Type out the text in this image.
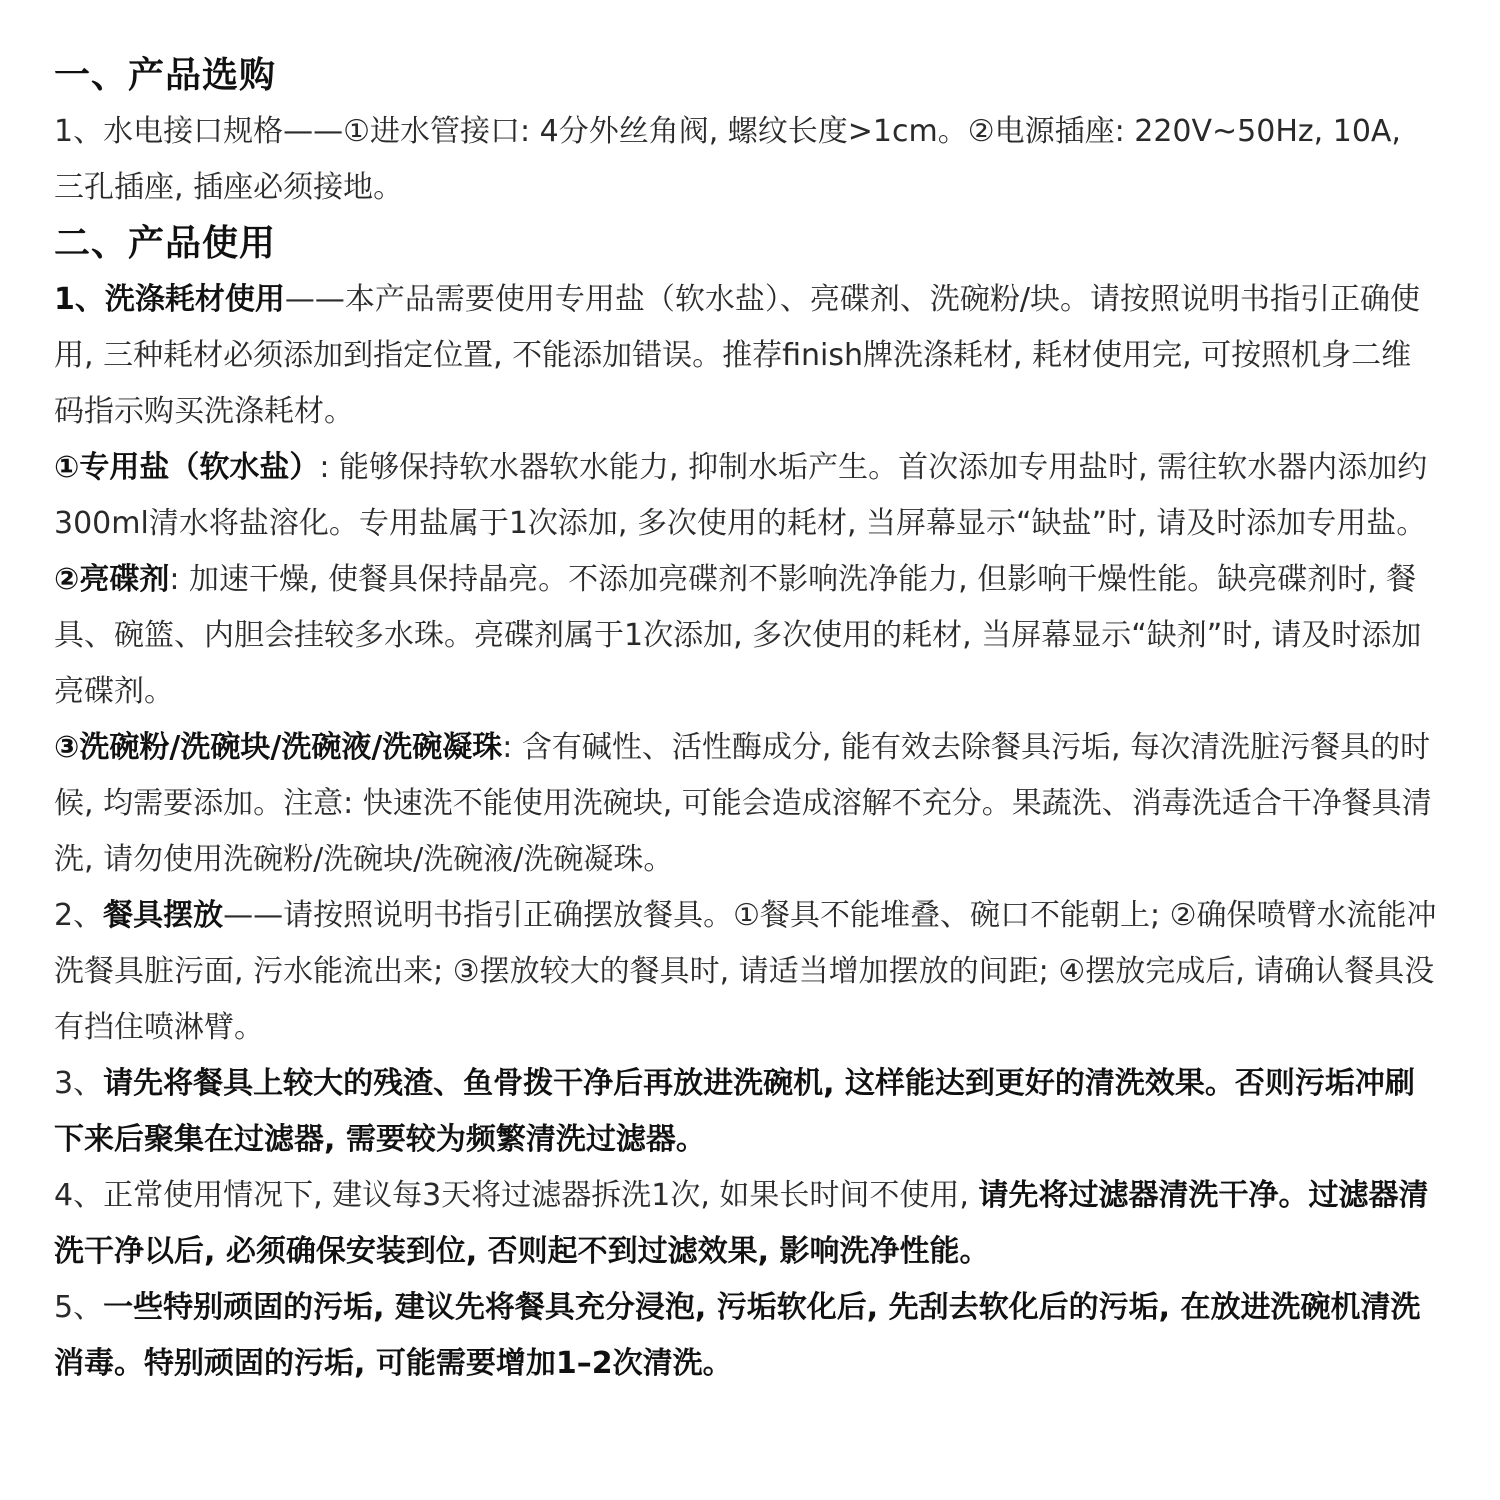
一、产品选购

1、水电接口规格——①进水管接口: 4分外丝角阀, 螺纹长度>1cm。②电源插座: 220V~50Hz, 10A, 三孔插座, 插座必须接地。

二、产品使用

1、洗涤耗材使用——本产品需要使用专用盐（软水盐）、亮碟剂、洗碗粉/块。请按照说明书指引正确使用, 三种耗材必须添加到指定位置, 不能添加错误。推荐finish牌洗涤耗材, 耗材使用完, 可按照机身二维码指示购买洗涤耗材。

①专用盐（软水盐）: 能够保持软水器软水能力, 抑制水垢产生。首次添加专用盐时, 需往软水器内添加约300ml清水将盐溶化。专用盐属于1次添加, 多次使用的耗材, 当屏幕显示“缺盐”时, 请及时添加专用盐。

②亮碟剂: 加速干燥, 使餐具保持晶亮。不添加亮碟剂不影响洗净能力, 但影响干燥性能。缺亮碟剂时, 餐具、碗篮、内胆会挂较多水珠。亮碟剂属于1次添加, 多次使用的耗材, 当屏幕显示“缺剂”时, 请及时添加亮碟剂。

③洗碗粉/洗碗块/洗碗液/洗碗凝珠: 含有碱性、活性酶成分, 能有效去除餐具污垢, 每次清洗脏污餐具的时候, 均需要添加。注意: 快速洗不能使用洗碗块, 可能会造成溶解不充分。果蔬洗、消毒洗适合干净餐具清洗, 请勿使用洗碗粉/洗碗块/洗碗液/洗碗凝珠。

2、餐具摆放——请按照说明书指引正确摆放餐具。①餐具不能堆叠、碗口不能朝上; ②确保喷臂水流能冲洗餐具脏污面, 污水能流出来; ③摆放较大的餐具时, 请适当增加摆放的间距; ④摆放完成后, 请确认餐具没有挡住喷淋臂。

3、请先将餐具上较大的残渣、鱼骨拨干净后再放进洗碗机, 这样能达到更好的清洗效果。否则污垢冲刷下来后聚集在过滤器, 需要较为频繁清洗过滤器。

4、正常使用情况下, 建议每3天将过滤器拆洗1次, 如果长时间不使用, 请先将过滤器清洗干净。过滤器清洗干净以后, 必须确保安装到位, 否则起不到过滤效果, 影响洗净性能。

5、一些特别顽固的污垢, 建议先将餐具充分浸泡, 污垢软化后, 先刮去软化后的污垢, 在放进洗碗机清洗消毒。特别顽固的污垢, 可能需要增加1–2次清洗。
